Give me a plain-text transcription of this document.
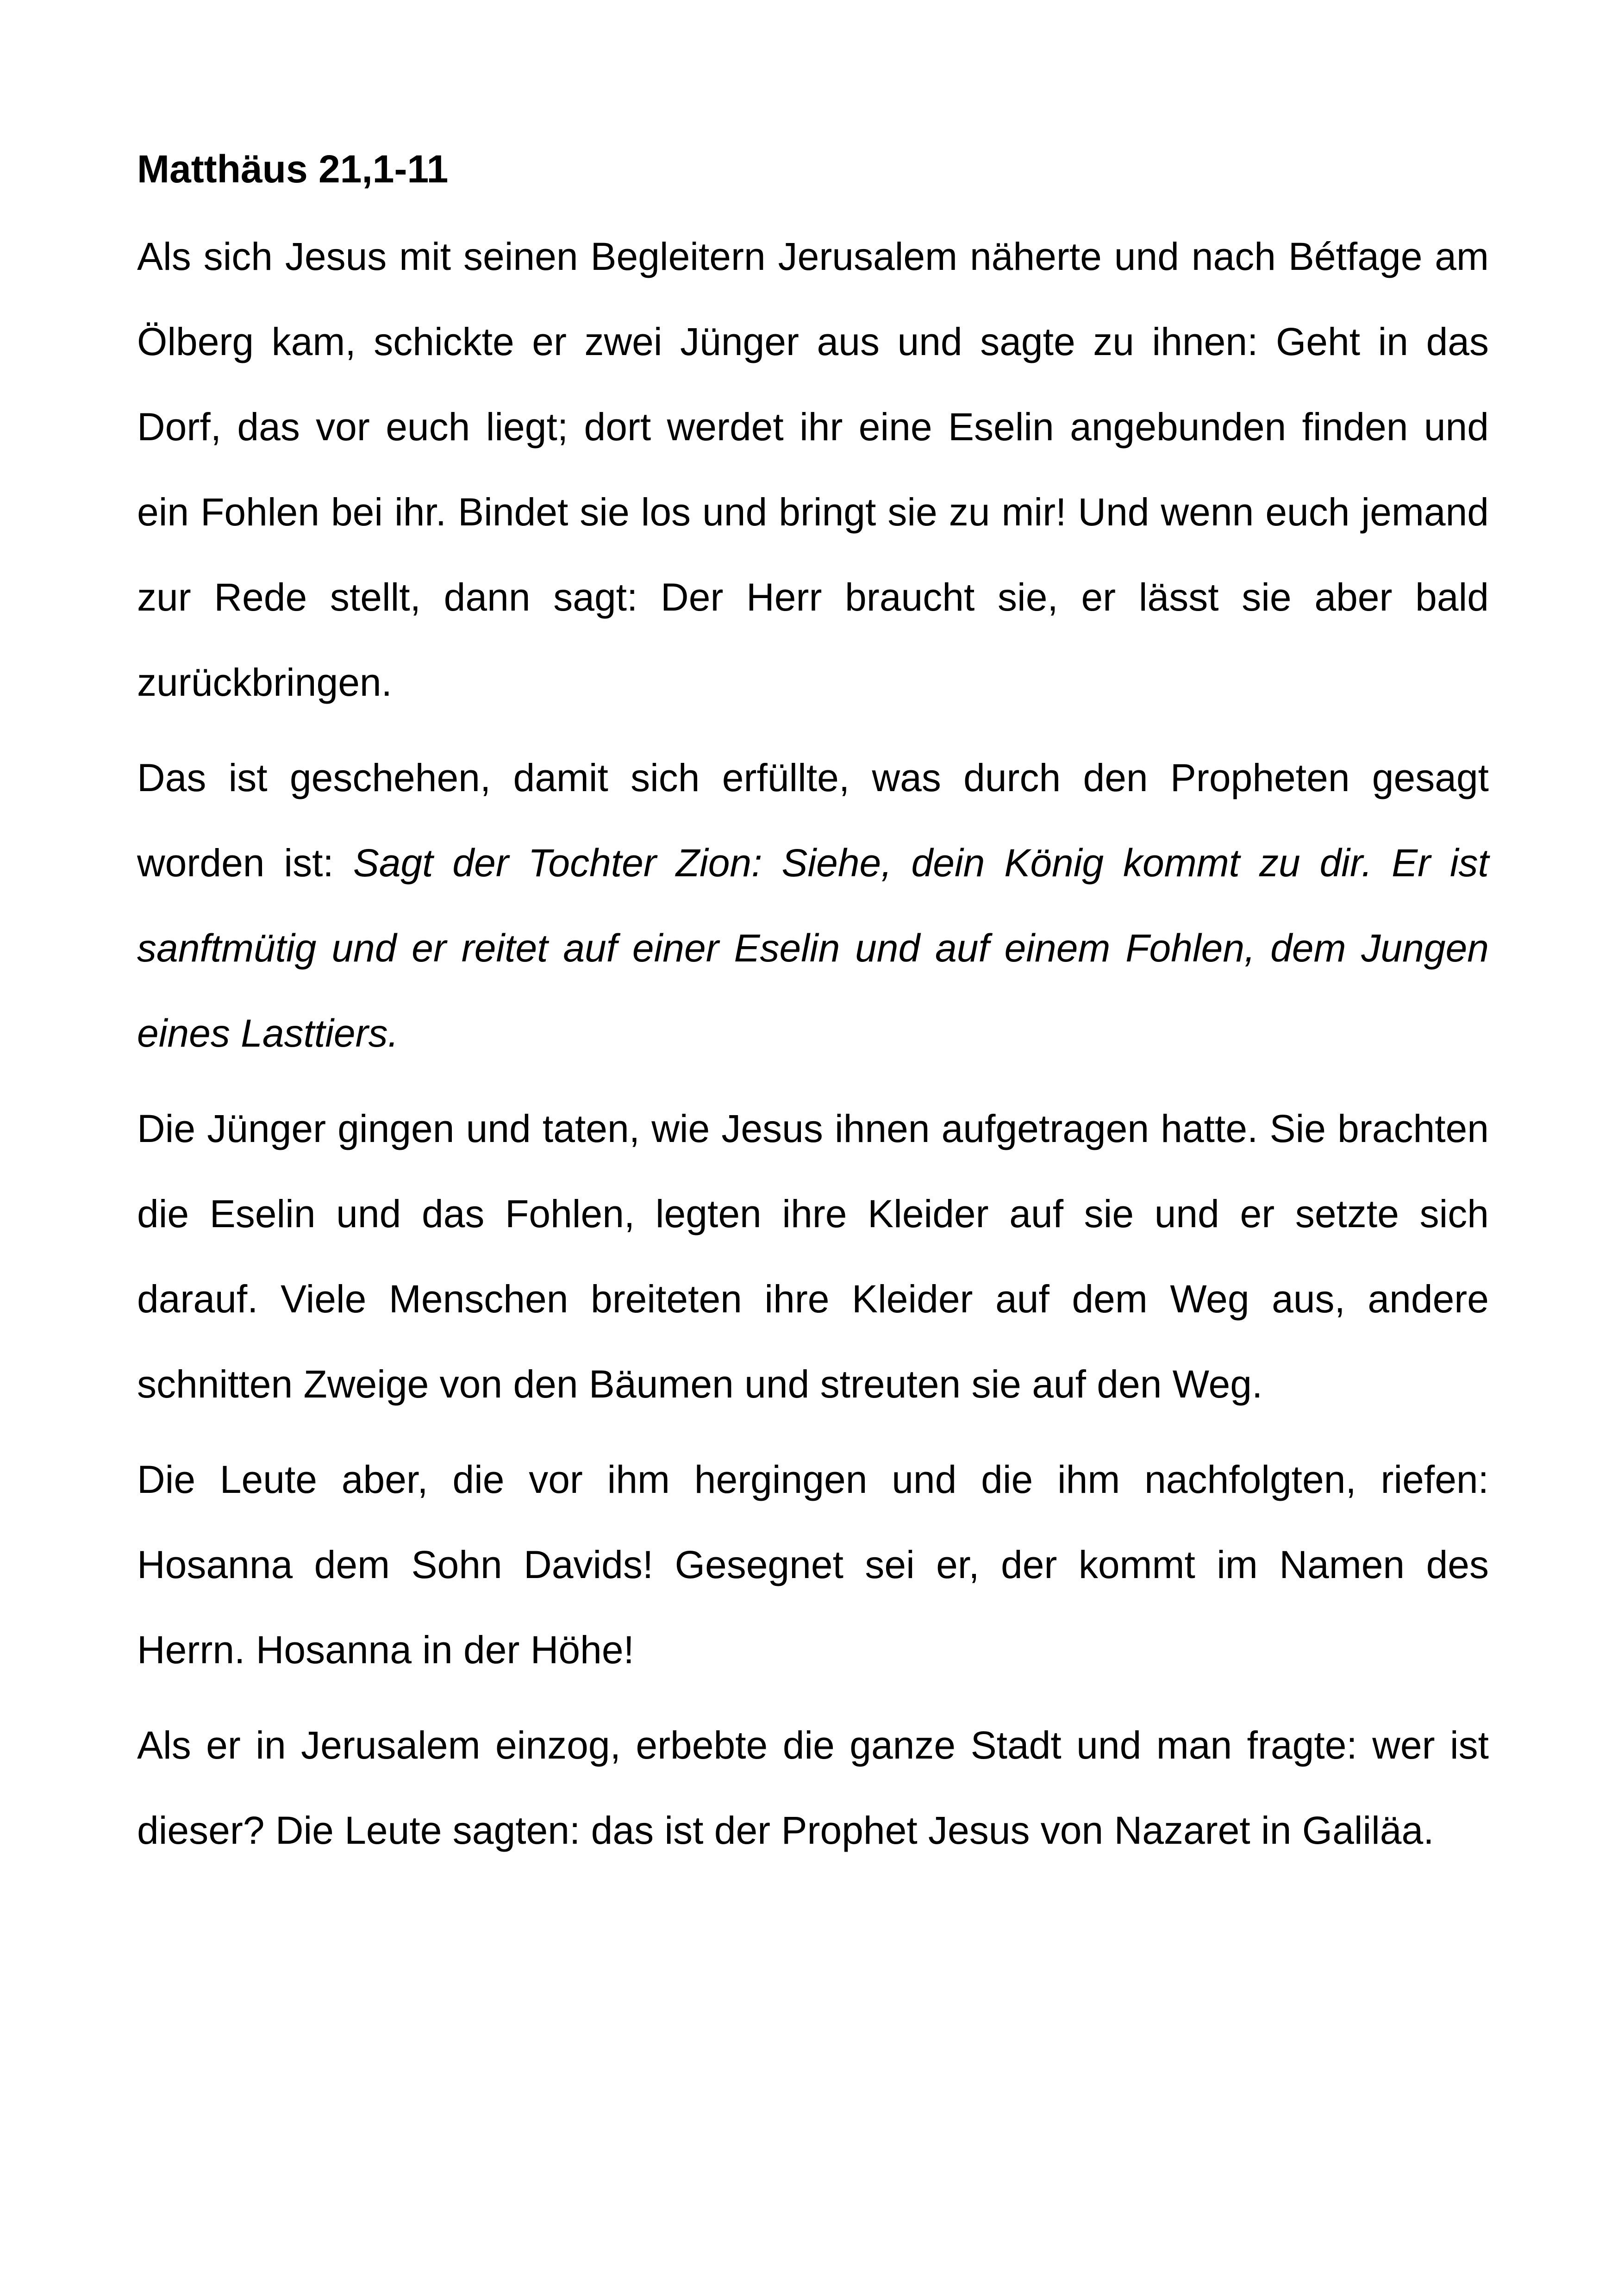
Matthäus 21,1-11

Als sich Jesus mit seinen Begleitern Jerusalem näherte und nach Bétfage am Ölberg kam, schickte er zwei Jünger aus und sagte zu ihnen: Geht in das Dorf, das vor euch liegt; dort werdet ihr eine Eselin angebunden finden und ein Fohlen bei ihr. Bindet sie los und bringt sie zu mir! Und wenn euch jemand zur Rede stellt, dann sagt: Der Herr braucht sie, er lässt sie aber bald zurückbringen.

Das ist geschehen, damit sich erfüllte, was durch den Propheten gesagt worden ist: Sagt der Tochter Zion: Siehe, dein König kommt zu dir. Er ist sanftmütig und er reitet auf einer Eselin und auf einem Fohlen, dem Jungen eines Lasttiers.

Die Jünger gingen und taten, wie Jesus ihnen aufgetragen hatte. Sie brachten die Eselin und das Fohlen, legten ihre Kleider auf sie und er setzte sich darauf. Viele Menschen breiteten ihre Kleider auf dem Weg aus, andere schnitten Zweige von den Bäumen und streuten sie auf den Weg.

Die Leute aber, die vor ihm hergingen und die ihm nachfolgten, riefen: Hosanna dem Sohn Davids! Gesegnet sei er, der kommt im Namen des Herrn. Hosanna in der Höhe!

Als er in Jerusalem einzog, erbebte die ganze Stadt und man fragte: wer ist dieser? Die Leute sagten: das ist der Prophet Jesus von Nazaret in Galiläa.
